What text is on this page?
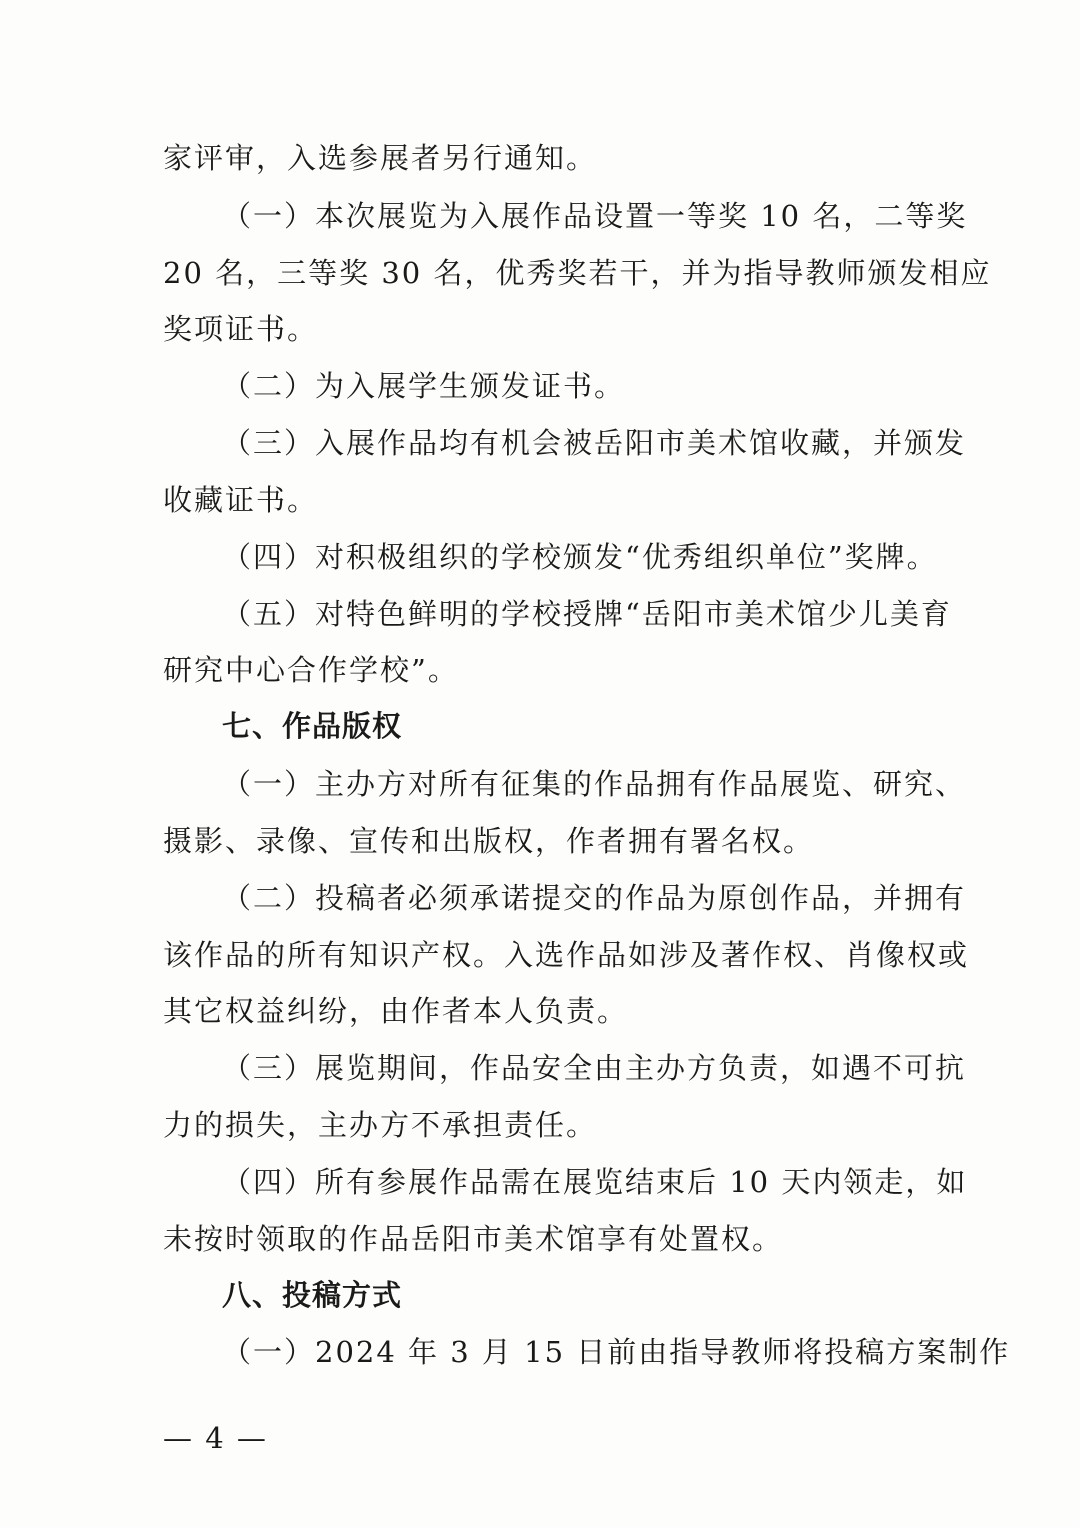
家评审，入选参展者另行通知。
（一）本次展览为入展作品设置一等奖 10 名，二等奖
20 名，三等奖 30 名，优秀奖若干，并为指导教师颁发相应
奖项证书。
（二）为入展学生颁发证书。
（三）入展作品均有机会被岳阳市美术馆收藏，并颁发
收藏证书。
（四）对积极组织的学校颁发“优秀组织单位”奖牌。
（五）对特色鲜明的学校授牌“岳阳市美术馆少儿美育
研究中心合作学校”。
七、作品版权
（一）主办方对所有征集的作品拥有作品展览、研究、
摄影、录像、宣传和出版权，作者拥有署名权。
（二）投稿者必须承诺提交的作品为原创作品，并拥有
该作品的所有知识产权。入选作品如涉及著作权、肖像权或
其它权益纠纷，由作者本人负责。
（三）展览期间，作品安全由主办方负责，如遇不可抗
力的损失，主办方不承担责任。
（四）所有参展作品需在展览结束后 10 天内领走，如
未按时领取的作品岳阳市美术馆享有处置权。
八、投稿方式
（一）2024 年 3 月 15 日前由指导教师将投稿方案制作
— 4 —
